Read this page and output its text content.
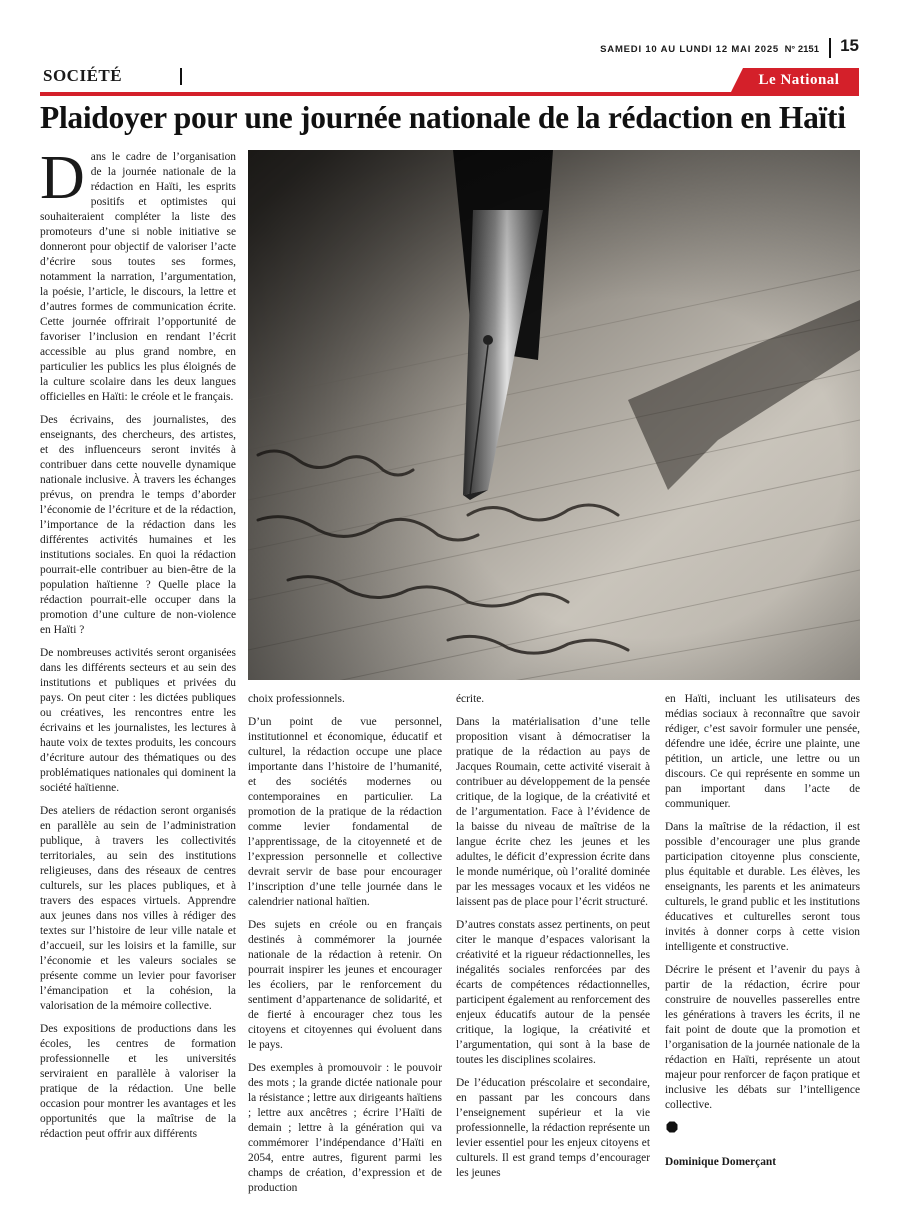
SAMEDI 10 AU LUNDI 12 MAI 2025 N° 2151 15
SOCIÉTÉ	Le National
Plaidoyer pour une journée nationale de la rédaction en Haïti

Dans le cadre de l’organisation de la journée nationale de la rédaction en Haïti, les esprits positifs et optimistes qui souhaiteraient compléter la liste des promoteurs d’une si noble initiative se donneront pour objectif de valoriser l’acte d’écrire sous toutes ses formes, notamment la narration, l’argumentation, la poésie, l’article, le discours, la lettre et d’autres formes de communication écrite. Cette journée offrirait l’opportunité de favoriser l’inclusion en rendant l’écrit accessible au plus grand nombre, en particulier les publics les plus éloignés de la culture scolaire dans les deux langues officielles en Haïti: le créole et le français.

Des écrivains, des journalistes, des enseignants, des chercheurs, des artistes, et des influenceurs seront invités à contribuer dans cette nouvelle dynamique nationale inclusive. À travers les échanges prévus, on prendra le temps d’aborder l’économie de l’écriture et de la rédaction, l’importance de la rédaction dans les différentes activités humaines et les institutions sociales. En quoi la rédaction pourrait-elle contribuer au bien-être de la population haïtienne ? Quelle place la rédaction pourrait-elle occuper dans la promotion d’une culture de non-violence en Haïti ?

De nombreuses activités seront organisées dans les différents secteurs et au sein des institutions et publiques et privées du pays. On peut citer : les dictées publiques ou créatives, les rencontres entre les écrivains et les journalistes, les lectures à haute voix de textes produits, les concours d’écriture autour des thématiques ou des problématiques nationales qui dominent la société haïtienne.

Des ateliers de rédaction seront organisés en parallèle au sein de l’administration publique, à travers les collectivités territoriales, au sein des institutions religieuses, dans des réseaux de centres culturels, sur les places publiques, et à travers des espaces virtuels. Apprendre aux jeunes dans nos villes à rédiger des textes sur l’histoire de leur ville natale et d’accueil, sur les loisirs et la famille, sur l’économie et les valeurs sociales se présente comme un levier pour favoriser l’émancipation et la cohésion, la valorisation de la mémoire collective.

Des expositions de productions dans les écoles, les centres de formation professionnelle et les universités serviraient en parallèle à valoriser la pratique de la rédaction. Une belle occasion pour montrer les avantages et les opportunités que la maîtrise de la rédaction peut offrir aux différents

choix professionnels.

D’un point de vue personnel, institutionnel et économique, éducatif et culturel, la rédaction occupe une place importante dans l’histoire de l’humanité, et des sociétés modernes ou contemporaines en particulier. La promotion de la pratique de la rédaction comme levier fondamental de l’apprentissage, de la citoyenneté et de l’expression personnelle et collective devrait servir de base pour encourager l’inscription d’une telle journée dans le calendrier national haïtien.

Des sujets en créole ou en français destinés à commémorer la journée nationale de la rédaction à retenir. On pourrait inspirer les jeunes et encourager les écoliers, par le renforcement du sentiment d’appartenance de solidarité, et de fierté à encourager chez tous les citoyens et citoyennes qui évoluent dans le pays.

Des exemples à promouvoir : le pouvoir des mots ; la grande dictée nationale pour la résistance ; lettre aux dirigeants haïtiens ; lettre aux ancêtres ; écrire l’Haïti de demain ; lettre à la génération qui va commémorer l’indépendance d’Haïti en 2054, entre autres, figurent parmi les champs de création, d’expression et de production

écrite.

Dans la matérialisation d’une telle proposition visant à démocratiser la pratique de la rédaction au pays de Jacques Roumain, cette activité viserait à contribuer au développement de la pensée critique, de la logique, de la créativité et de l’argumentation. Face à l’évidence de la baisse du niveau de maîtrise de la langue écrite chez les jeunes et les adultes, le déficit d’expression écrite dans le monde numérique, où l’oralité dominée par les messages vocaux et les vidéos ne laissent pas de place pour l’écrit structuré.

D’autres constats assez pertinents, on peut citer le manque d’espaces valorisant la créativité et la rigueur rédactionnelles, les inégalités sociales renforcées par des écarts de compétences rédactionnelles, participent également au renforcement des enjeux éducatifs autour de la pensée critique, la logique, la créativité et l’argumentation, qui sont à la base de toutes les disciplines scolaires.

De l’éducation préscolaire et secondaire, en passant par les concours dans l’enseignement supérieur et la vie professionnelle, la rédaction représente un levier essentiel pour les enjeux citoyens et culturels. Il est grand temps d’encourager les jeunes

en Haïti, incluant les utilisateurs des médias sociaux à reconnaître que savoir rédiger, c’est savoir formuler une pensée, défendre une idée, écrire une plainte, une pétition, un article, une lettre ou un discours. Ce qui représente en somme un pan important dans l’acte de communiquer.

Dans la maîtrise de la rédaction, il est possible d’encourager une plus grande participation citoyenne plus consciente, plus équitable et durable. Les élèves, les enseignants, les parents et les animateurs culturels, le grand public et les institutions éducatives et culturelles seront tous invités à donner corps à cette vision intelligente et constructive.

Décrire le présent et l’avenir du pays à partir de la rédaction, écrire pour construire de nouvelles passerelles entre les générations à travers les écrits, il ne fait point de doute que la promotion et l’organisation de la journée nationale de la rédaction en Haïti, représente un atout majeur pour renforcer de façon pratique et inclusive les débats sur l’intelligence collective.

Dominique Domerçant
